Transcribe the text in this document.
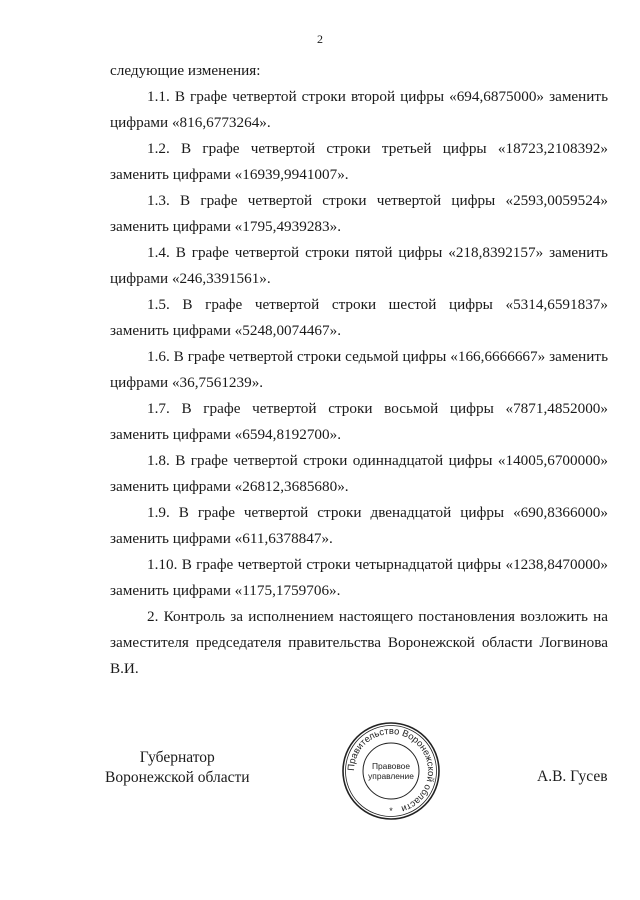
2

следующие изменения:

1.1. В графе четвертой строки второй цифры «694,6875000» заменить цифрами «816,6773264».

1.2. В графе четвертой строки третьей цифры «18723,2108392» заменить цифрами «16939,9941007».

1.3. В графе четвертой строки четвертой цифры «2593,0059524» заменить цифрами «1795,4939283».

1.4. В графе четвертой строки пятой цифры «218,8392157» заменить цифрами «246,3391561».

1.5. В графе четвертой строки шестой цифры «5314,6591837» заменить цифрами «5248,0074467».

1.6. В графе четвертой строки седьмой цифры «166,6666667» заменить цифрами «36,7561239».

1.7. В графе четвертой строки восьмой цифры «7871,4852000» заменить цифрами «6594,8192700».

1.8. В графе четвертой строки одиннадцатой цифры «14005,6700000» заменить цифрами «26812,3685680».

1.9. В графе четвертой строки двенадцатой цифры «690,8366000» заменить цифрами «611,6378847».

1.10. В графе четвертой строки четырнадцатой цифры «1238,8470000» заменить цифрами «1175,1759706».

2. Контроль за исполнением настоящего постановления возложить на заместителя председателя правительства Воронежской области Логвинова В.И.

Губернатор
Воронежской области
Правительство Воронежской области
Правовое
управление
*
А.В. Гусев
